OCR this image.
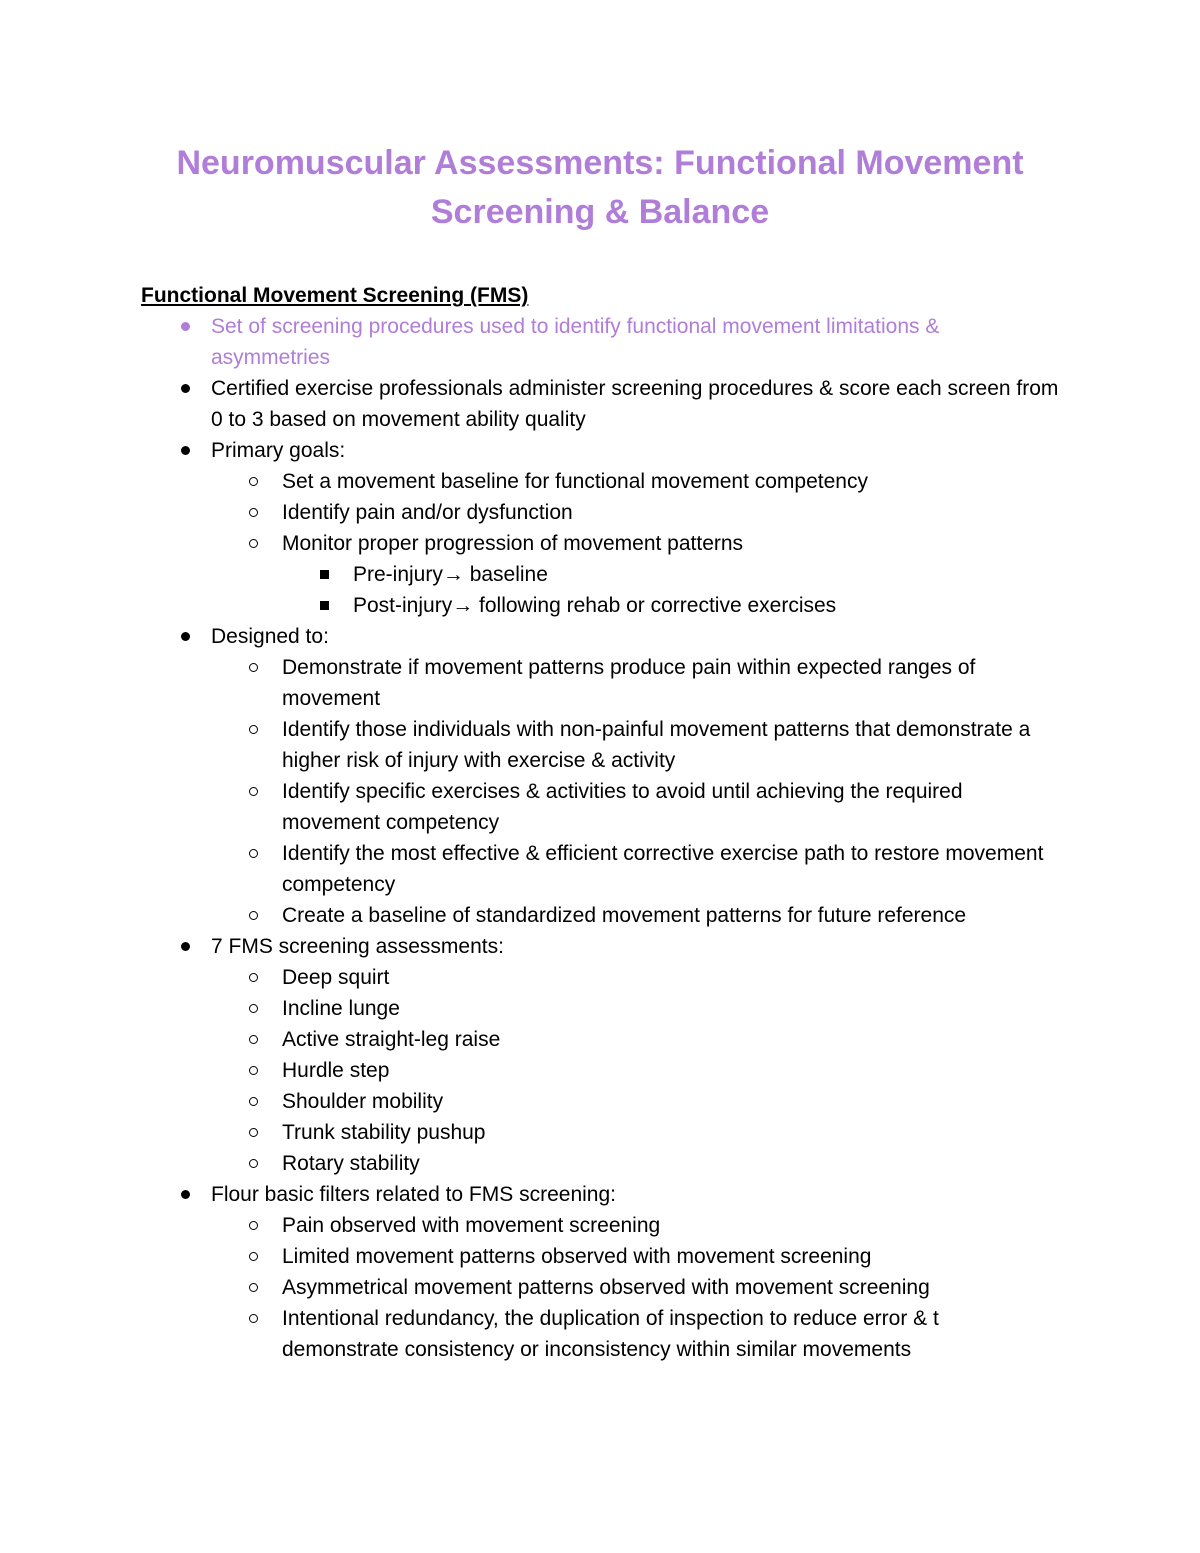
Neuromuscular Assessments: Functional Movement Screening & Balance
Functional Movement Screening (FMS)
Set of screening procedures used to identify functional movement limitations & asymmetries
Certified exercise professionals administer screening procedures & score each screen from 0 to 3 based on movement ability quality
Primary goals:
Set a movement baseline for functional movement competency
Identify pain and/or dysfunction
Monitor proper progression of movement patterns
Pre-injury→ baseline
Post-injury→ following rehab or corrective exercises
Designed to:
Demonstrate if movement patterns produce pain within expected ranges of movement
Identify those individuals with non-painful movement patterns that demonstrate a higher risk of injury with exercise & activity
Identify specific exercises & activities to avoid until achieving the required movement competency
Identify the most effective & efficient corrective exercise path to restore movement competency
Create a baseline of standardized movement patterns for future reference
7 FMS screening assessments:
Deep squirt
Incline lunge
Active straight-leg raise
Hurdle step
Shoulder mobility
Trunk stability pushup
Rotary stability
Flour basic filters related to FMS screening:
Pain observed with movement screening
Limited movement patterns observed with movement screening
Asymmetrical movement patterns observed with movement screening
Intentional redundancy, the duplication of inspection to reduce error & t demonstrate consistency or inconsistency within similar movements
